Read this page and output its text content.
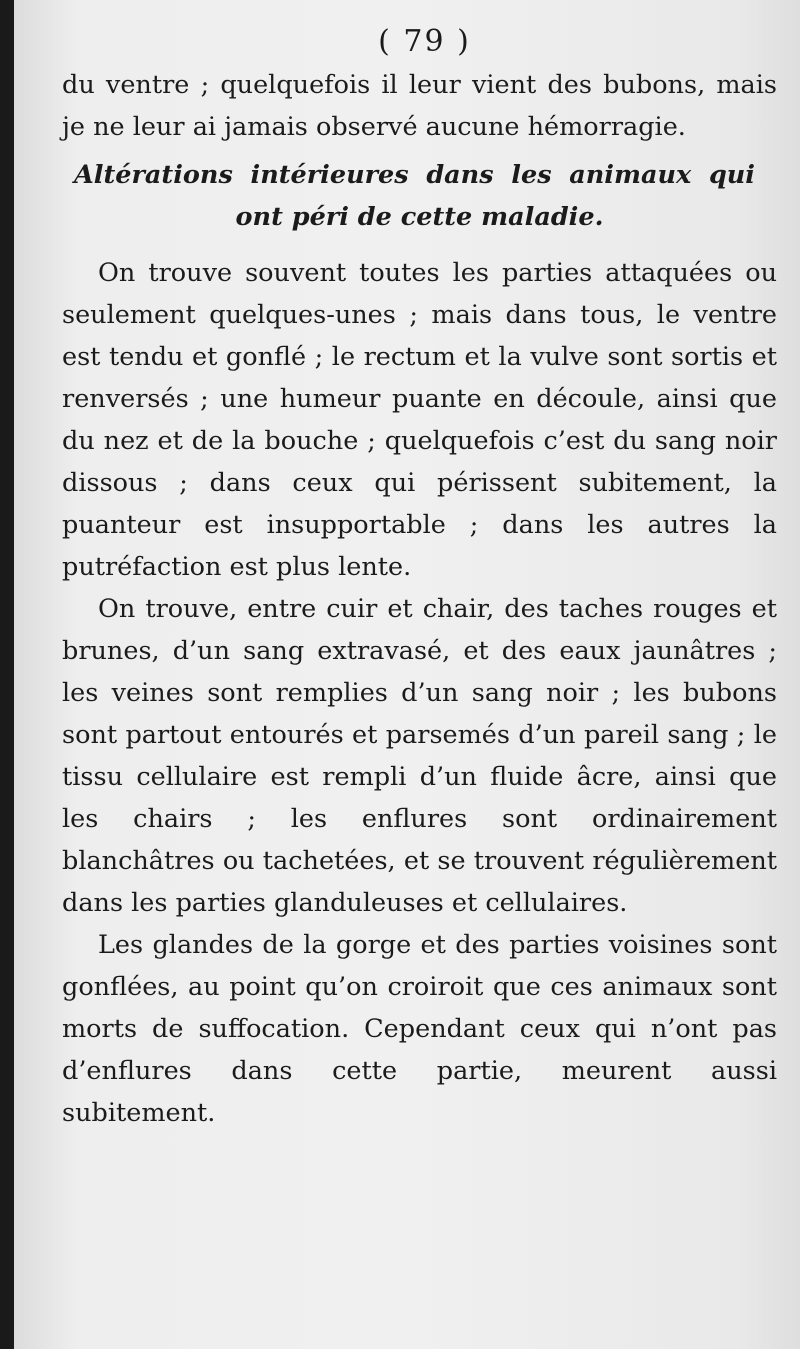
( 79 )

du ventre ; quelquefois il leur vient des bubons, mais je ne leur ai jamais observé aucune hémorragie.

Altérations intérieures dans les animaux qui
ont péri de cette maladie.

On trouve souvent toutes les parties attaquées ou seulement quelques-unes ; mais dans tous, le ventre est tendu et gonflé ; le rectum et la vulve sont sortis et renversés ; une humeur puante en découle, ainsi que du nez et de la bouche ; quelquefois c’est du sang noir dissous ; dans ceux qui périssent subitement, la puanteur est insupportable ; dans les autres la putréfaction est plus lente.

On trouve, entre cuir et chair, des taches rouges et brunes, d’un sang extravasé, et des eaux jaunâtres ; les veines sont remplies d’un sang noir ; les bubons sont partout entourés et parsemés d’un pareil sang ; le tissu cellulaire est rempli d’un fluide âcre, ainsi que les chairs ; les enflures sont ordinairement blanchâtres ou tachetées, et se trouvent régulièrement dans les parties glanduleuses et cellulaires.

Les glandes de la gorge et des parties voisines sont gonflées, au point qu’on croiroit que ces animaux sont morts de suffocation. Cependant ceux qui n’ont pas d’enflures dans cette partie, meurent aussi subitement.
